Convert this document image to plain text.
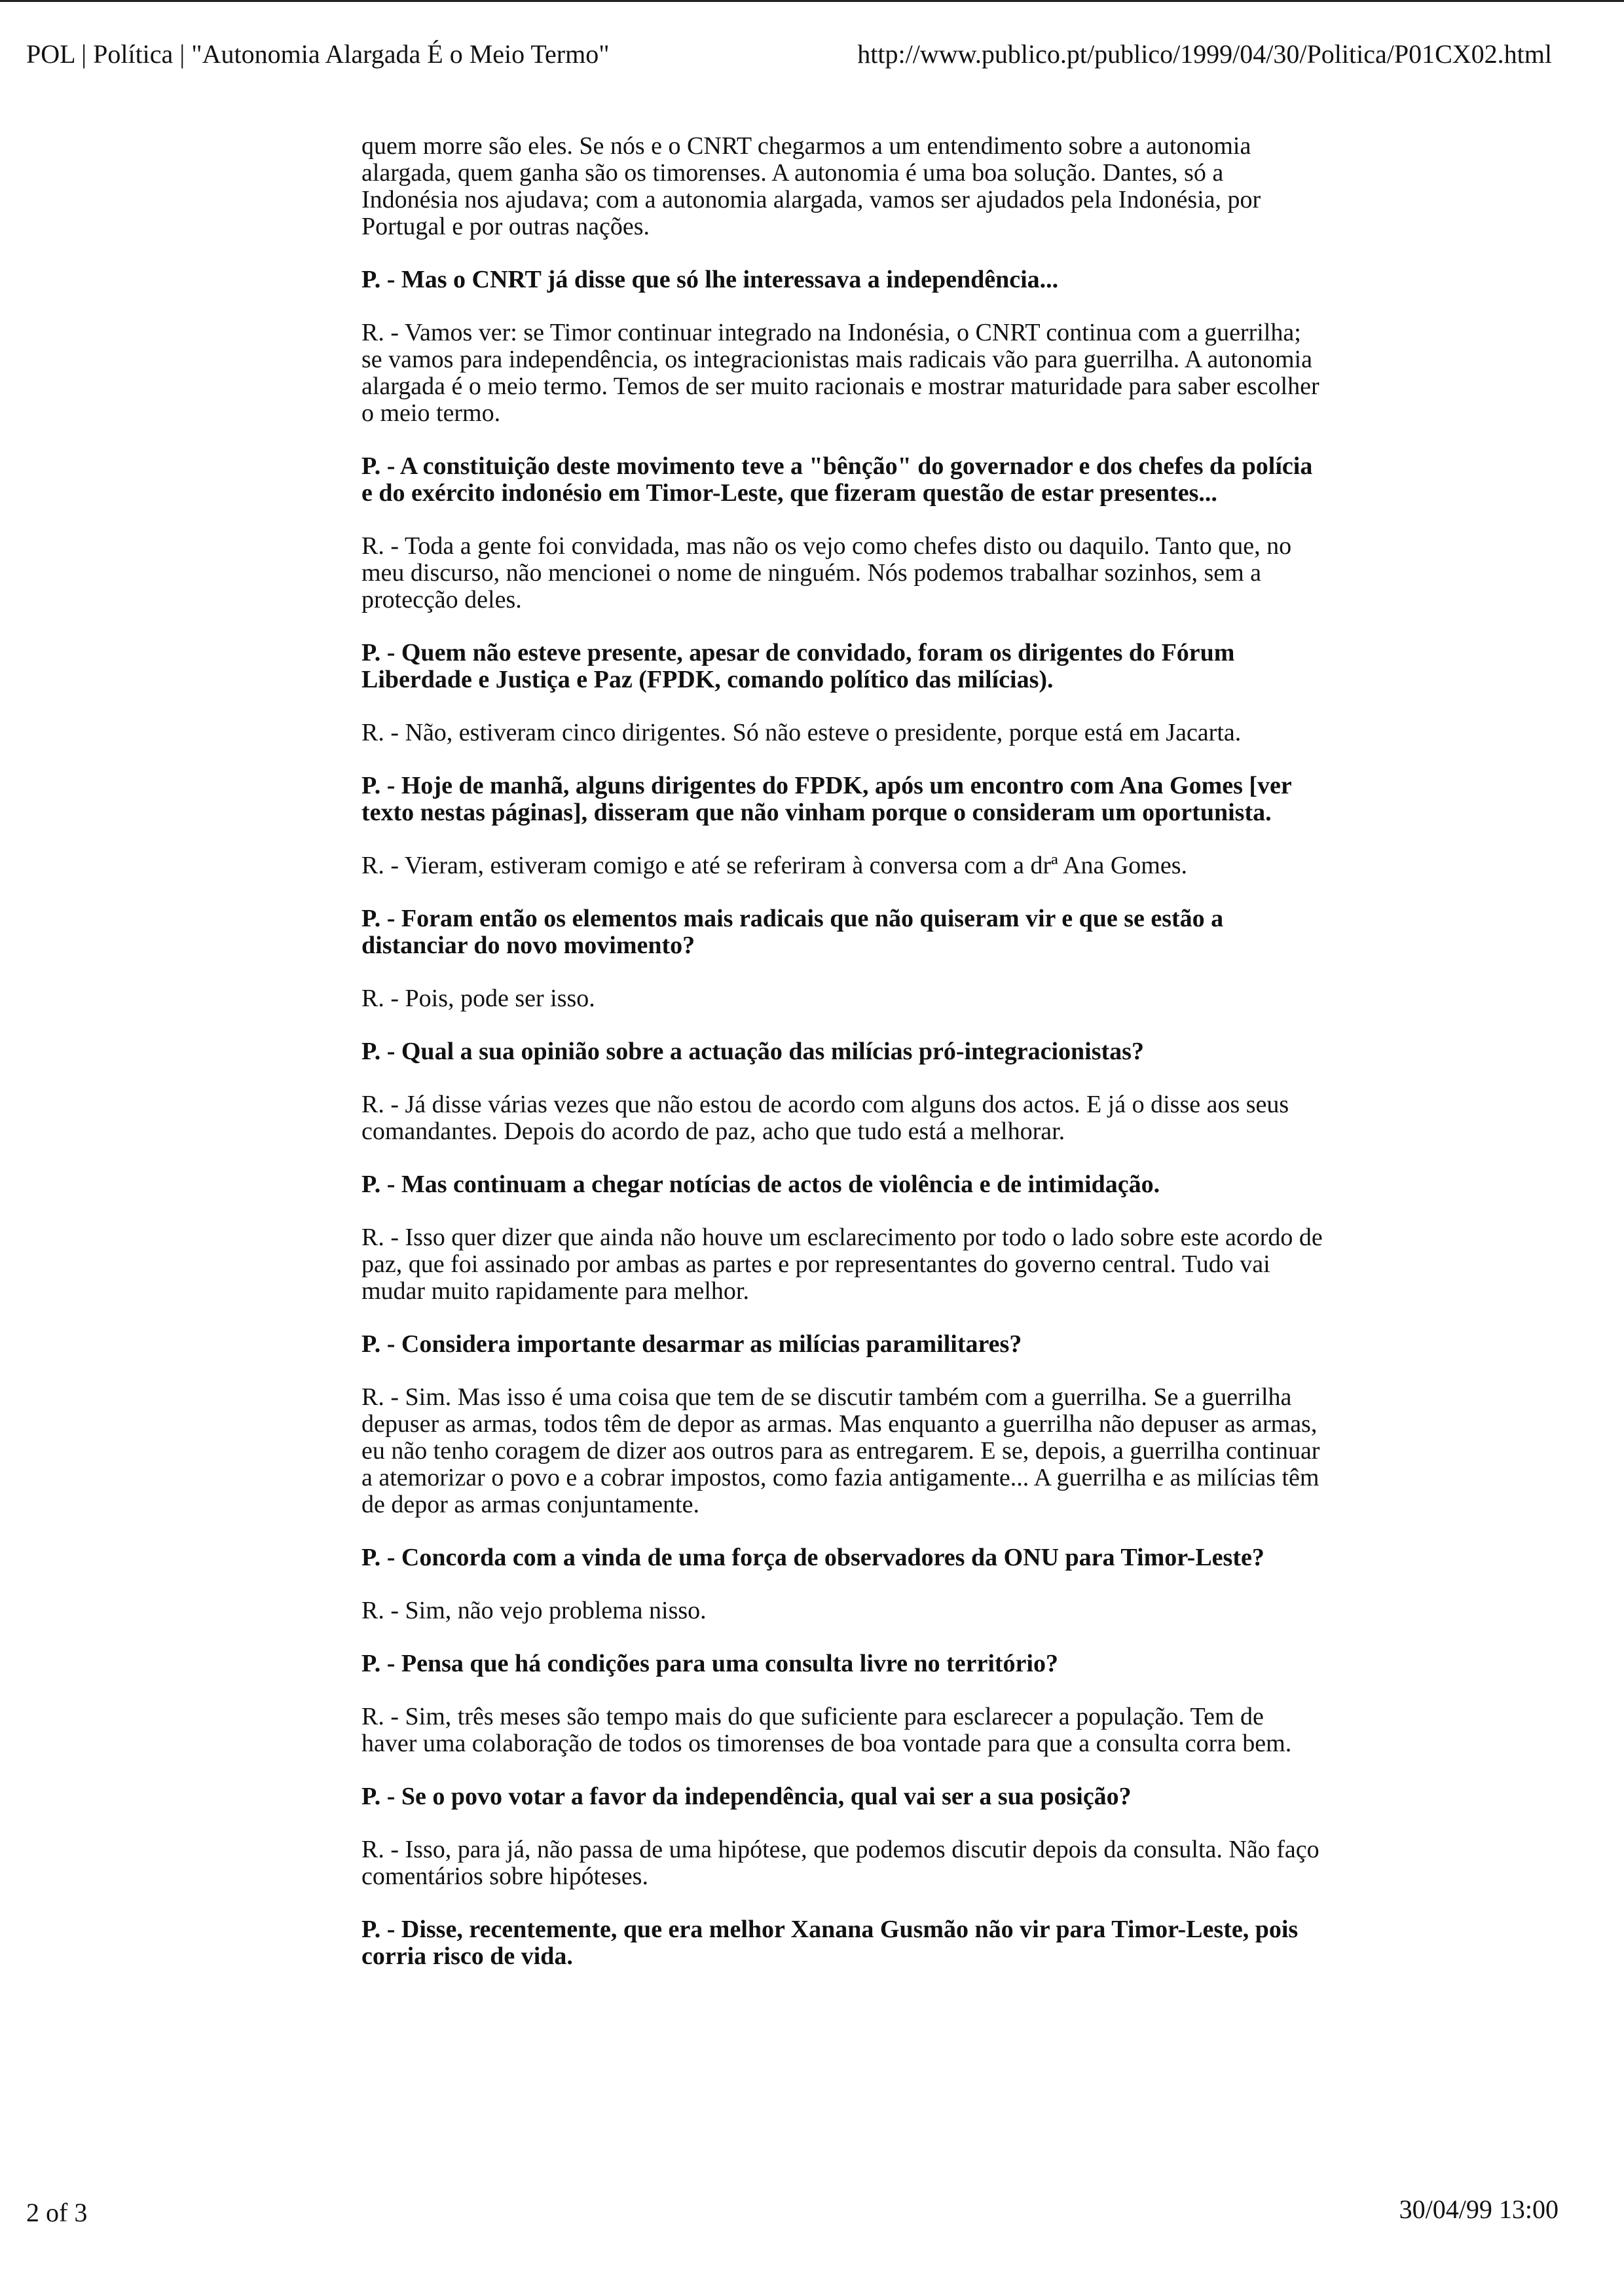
POL | Política | "Autonomia Alargada É o Meio Termo"	http://www.publico.pt/publico/1999/04/30/Politica/P01CX02.html

quem morre são eles. Se nós e o CNRT chegarmos a um entendimento sobre a autonomia alargada, quem ganha são os timorenses. A autonomia é uma boa solução. Dantes, só a Indonésia nos ajudava; com a autonomia alargada, vamos ser ajudados pela Indonésia, por Portugal e por outras nações.

P. - Mas o CNRT já disse que só lhe interessava a independência...

R. - Vamos ver: se Timor continuar integrado na Indonésia, o CNRT continua com a guerrilha; se vamos para independência, os integracionistas mais radicais vão para guerrilha. A autonomia alargada é o meio termo. Temos de ser muito racionais e mostrar maturidade para saber escolher o meio termo.

P. - A constituição deste movimento teve a "bênção" do governador e dos chefes da polícia e do exército indonésio em Timor-Leste, que fizeram questão de estar presentes...

R. - Toda a gente foi convidada, mas não os vejo como chefes disto ou daquilo. Tanto que, no meu discurso, não mencionei o nome de ninguém. Nós podemos trabalhar sozinhos, sem a protecção deles.

P. - Quem não esteve presente, apesar de convidado, foram os dirigentes do Fórum Liberdade e Justiça e Paz (FPDK, comando político das milícias).

R. - Não, estiveram cinco dirigentes. Só não esteve o presidente, porque está em Jacarta.

P. - Hoje de manhã, alguns dirigentes do FPDK, após um encontro com Ana Gomes [ver texto nestas páginas], disseram que não vinham porque o consideram um oportunista.

R. - Vieram, estiveram comigo e até se referiram à conversa com a drª Ana Gomes.

P. - Foram então os elementos mais radicais que não quiseram vir e que se estão a distanciar do novo movimento?

R. - Pois, pode ser isso.

P. - Qual a sua opinião sobre a actuação das milícias pró-integracionistas?

R. - Já disse várias vezes que não estou de acordo com alguns dos actos. E já o disse aos seus comandantes. Depois do acordo de paz, acho que tudo está a melhorar.

P. - Mas continuam a chegar notícias de actos de violência e de intimidação.

R. - Isso quer dizer que ainda não houve um esclarecimento por todo o lado sobre este acordo de paz, que foi assinado por ambas as partes e por representantes do governo central. Tudo vai mudar muito rapidamente para melhor.

P. - Considera importante desarmar as milícias paramilitares?

R. - Sim. Mas isso é uma coisa que tem de se discutir também com a guerrilha. Se a guerrilha depuser as armas, todos têm de depor as armas. Mas enquanto a guerrilha não depuser as armas, eu não tenho coragem de dizer aos outros para as entregarem. E se, depois, a guerrilha continuar a atemorizar o povo e a cobrar impostos, como fazia antigamente... A guerrilha e as milícias têm de depor as armas conjuntamente.

P. - Concorda com a vinda de uma força de observadores da ONU para Timor-Leste?

R. - Sim, não vejo problema nisso.

P. - Pensa que há condições para uma consulta livre no território?

R. - Sim, três meses são tempo mais do que suficiente para esclarecer a população. Tem de haver uma colaboração de todos os timorenses de boa vontade para que a consulta corra bem.

P. - Se o povo votar a favor da independência, qual vai ser a sua posição?

R. - Isso, para já, não passa de uma hipótese, que podemos discutir depois da consulta. Não faço comentários sobre hipóteses.

P. - Disse, recentemente, que era melhor Xanana Gusmão não vir para Timor-Leste, pois corria risco de vida.

2 of 3	30/04/99 13:00
